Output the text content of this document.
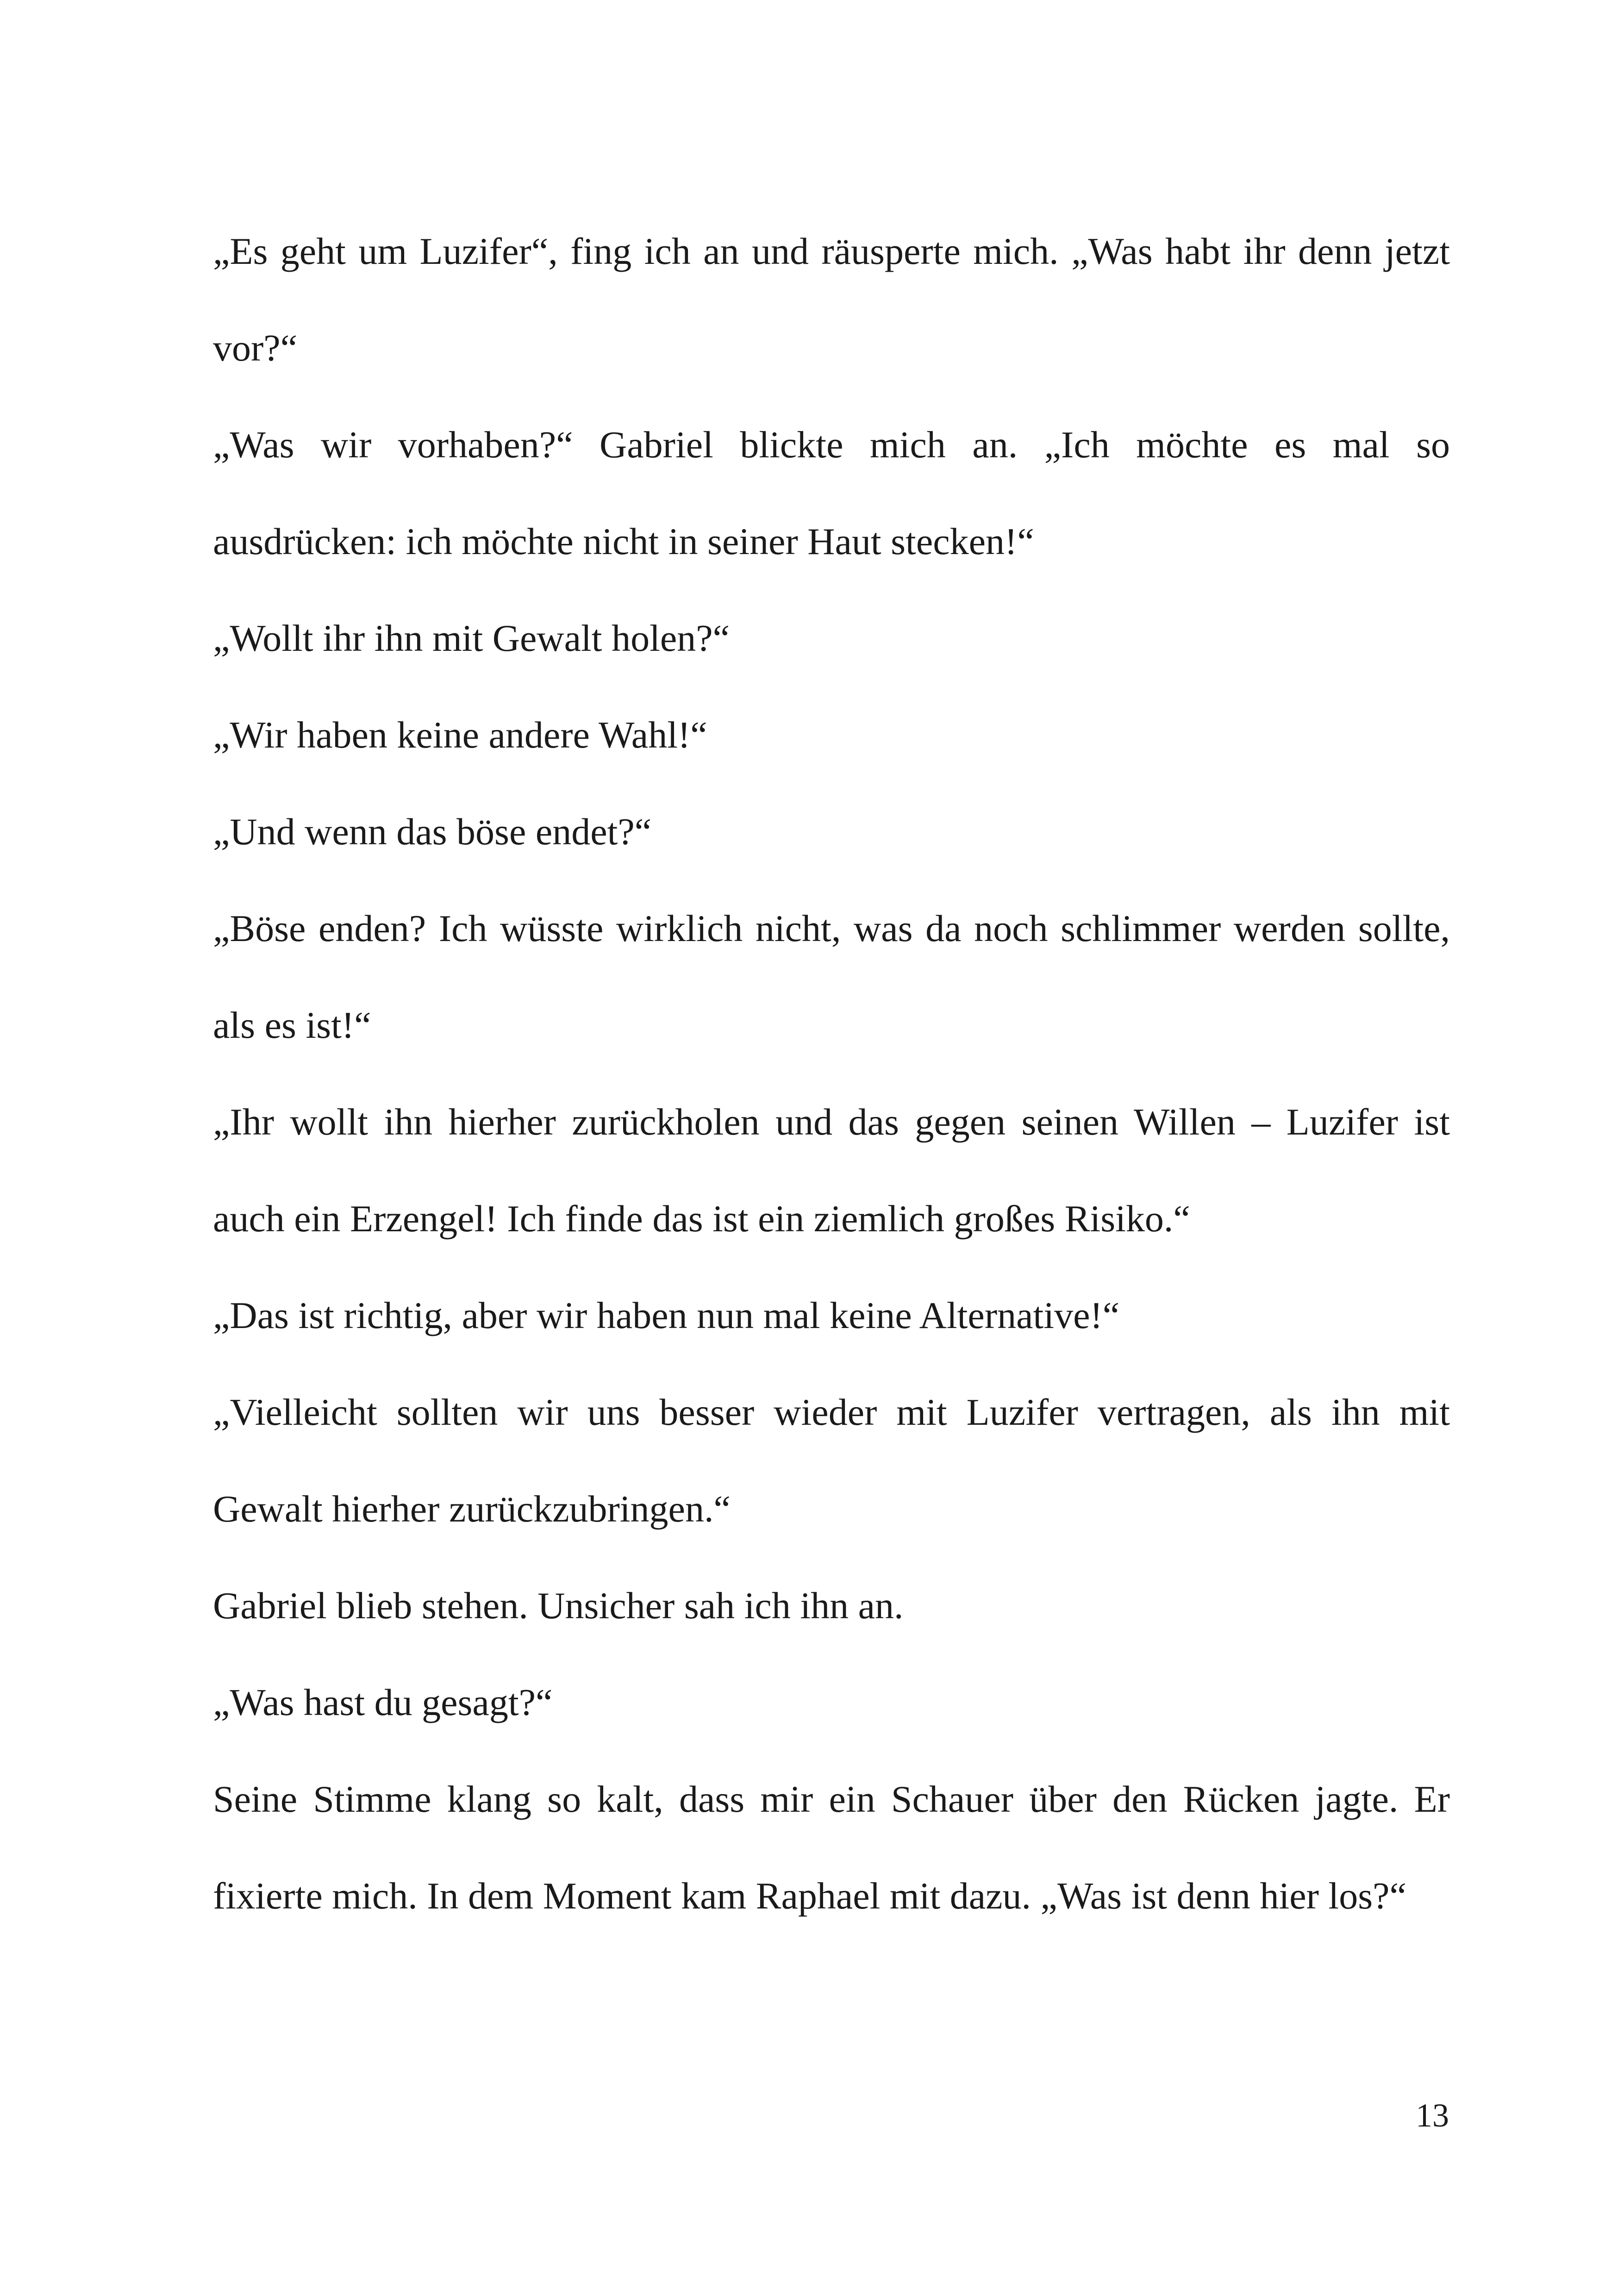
„Es geht um Luzifer“, fing ich an und räusperte mich. „Was habt ihr denn jetzt vor?“

„Was wir vorhaben?“ Gabriel blickte mich an. „Ich möchte es mal so ausdrücken: ich möchte nicht in seiner Haut stecken!“

„Wollt ihr ihn mit Gewalt holen?“

„Wir haben keine andere Wahl!“

„Und wenn das böse endet?“

„Böse enden? Ich wüsste wirklich nicht, was da noch schlimmer werden sollte, als es ist!“

„Ihr wollt ihn hierher zurückholen und das gegen seinen Willen – Luzifer ist auch ein Erzengel! Ich finde das ist ein ziemlich großes Risiko.“

„Das ist richtig, aber wir haben nun mal keine Alternative!“

„Vielleicht sollten wir uns besser wieder mit Luzifer vertragen, als ihn mit Gewalt hierher zurückzubringen.“

Gabriel blieb stehen. Unsicher sah ich ihn an.

„Was hast du gesagt?“

Seine Stimme klang so kalt, dass mir ein Schauer über den Rücken jagte. Er fixierte mich. In dem Moment kam Raphael mit dazu. „Was ist denn hier los?“

13
